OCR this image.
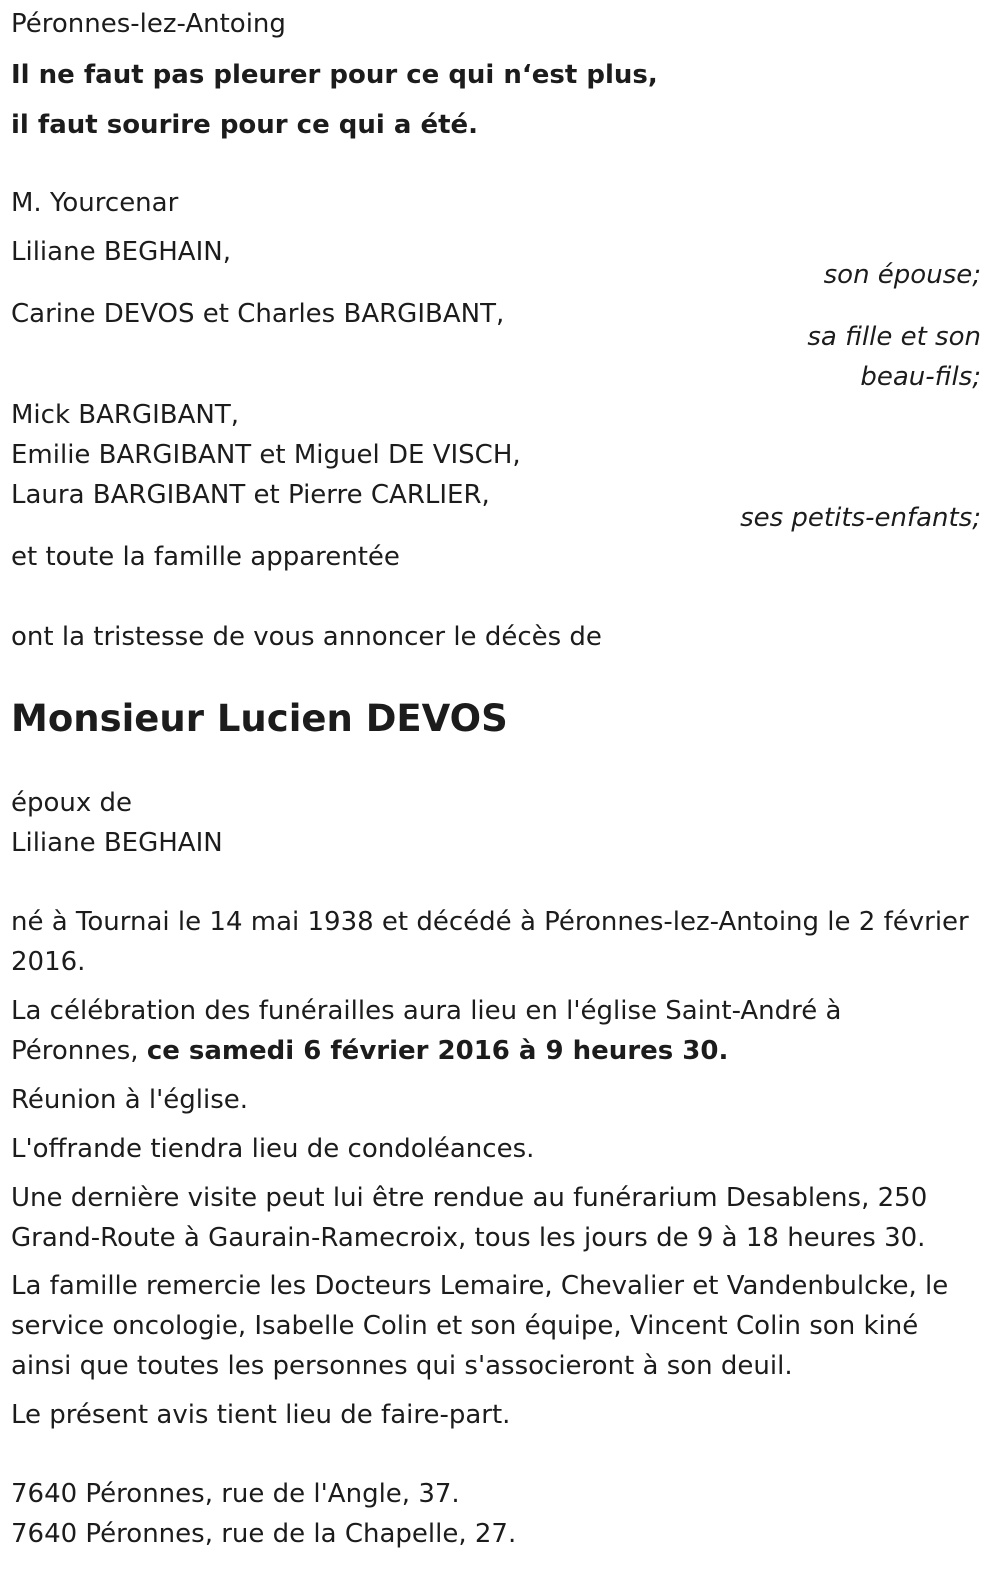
Péronnes-lez-Antoing
Il ne faut pas pleurer pour ce qui n‘est plus,
il faut sourire pour ce qui a été.
M. Yourcenar
Liliane BEGHAIN,
son épouse;
Carine DEVOS et Charles BARGIBANT,
sa fille et son
beau-fils;
Mick BARGIBANT,
Emilie BARGIBANT et Miguel DE VISCH,
Laura BARGIBANT et Pierre CARLIER,
ses petits-enfants;
et toute la famille apparentée
ont la tristesse de vous annoncer le décès de
Monsieur Lucien DEVOS
époux de
Liliane BEGHAIN
né à Tournai le 14 mai 1938 et décédé à Péronnes-lez-Antoing le 2 février
2016.
La célébration des funérailles aura lieu en l'église Saint-André à
Péronnes, ce samedi 6 février 2016 à 9 heures 30.
Réunion à l'église.
L'offrande tiendra lieu de condoléances.
Une dernière visite peut lui être rendue au funérarium Desablens, 250
Grand-Route à Gaurain-Ramecroix, tous les jours de 9 à 18 heures 30.
La famille remercie les Docteurs Lemaire, Chevalier et Vandenbulcke, le
service oncologie, Isabelle Colin et son équipe, Vincent Colin son kiné
ainsi que toutes les personnes qui s'associeront à son deuil.
Le présent avis tient lieu de faire-part.
7640 Péronnes, rue de l'Angle, 37.
7640 Péronnes, rue de la Chapelle, 27.
